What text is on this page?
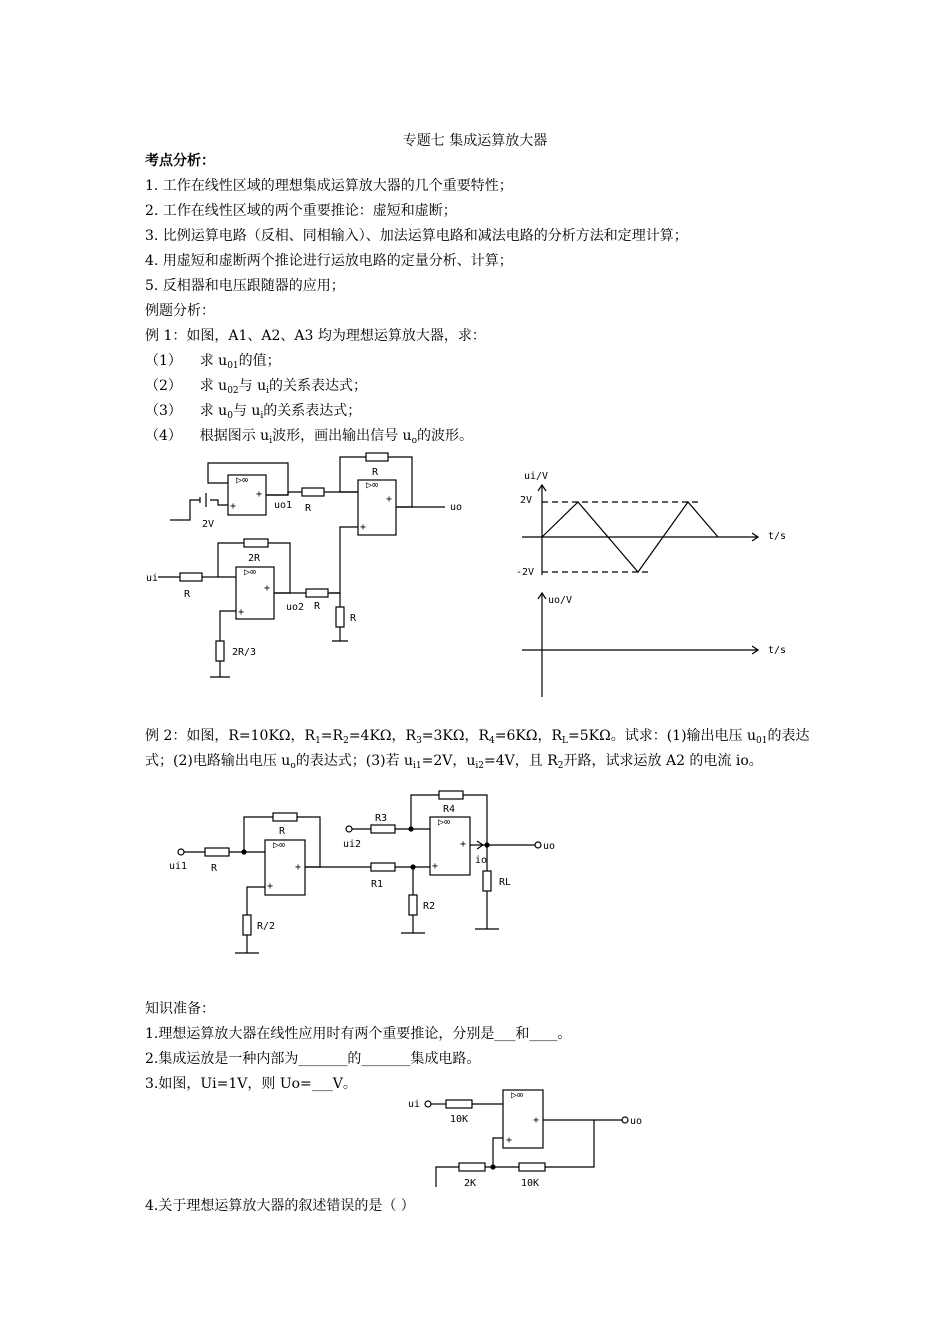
专题七 集成运算放大器
考点分析：
1. 工作在线性区域的理想集成运算放大器的几个重要特性；
2. 工作在线性区域的两个重要推论：虚短和虚断；
3. 比例运算电路（反相、同相输入）、加法运算电路和减法电路的分析方法和定理计算；
4. 用虚短和虚断两个推论进行运放电路的定量分析、计算；
5. 反相器和电压跟随器的应用；
例题分析：
例 1：如图，A1、A2、A3 均为理想运算放大器，求：
（1） 求 $u_{01}$的值；
（2） 求 $u_{02}$与 $u_i$的关系表达式；
（3） 求 $u_0$与 $u_i$的关系表达式；
（4） 根据图示 $u_i$波形，画出输出信号 $u_o$的波形。
▷∞
+
+
2V
uo1 R
▷∞
+
+
R
uo
▷∞
+
+
2R
ui
R
uo2 R
R
2R/3
ui/V
t/s
2V
-2V
uo/V
t/s
例 2：如图，R=10KΩ，$R_1=R_2=4K\Omega$，$R_3=3K\Omega$，$R_4=6K\Omega$，$R_L=5K\Omega$。试求：(1)输出电压 $u_{01}$的表达
式；(2)电路输出电压 $u_o$的表达式；(3)若 $u_{i1}=2V$，$u_{i2}=4V$，且 $R_2$开路，试求运放 A2 的电流 io。
▷∞
+
+
ui1 R
R
R/2
R1
R2
▷∞
+
+
ui2
R3
R4
io
uo
RL
知识准备：
1.理想运算放大器在线性应用时有两个重要推论，分别是___和____。
2.集成运放是一种内部为_______的_______集成电路。
3.如图，Ui=1V，则 Uo=___V。
▷∞
+
+
ui
10K	uo
10K
2K
4.关于理想运算放大器的叙述错误的是（ ）
